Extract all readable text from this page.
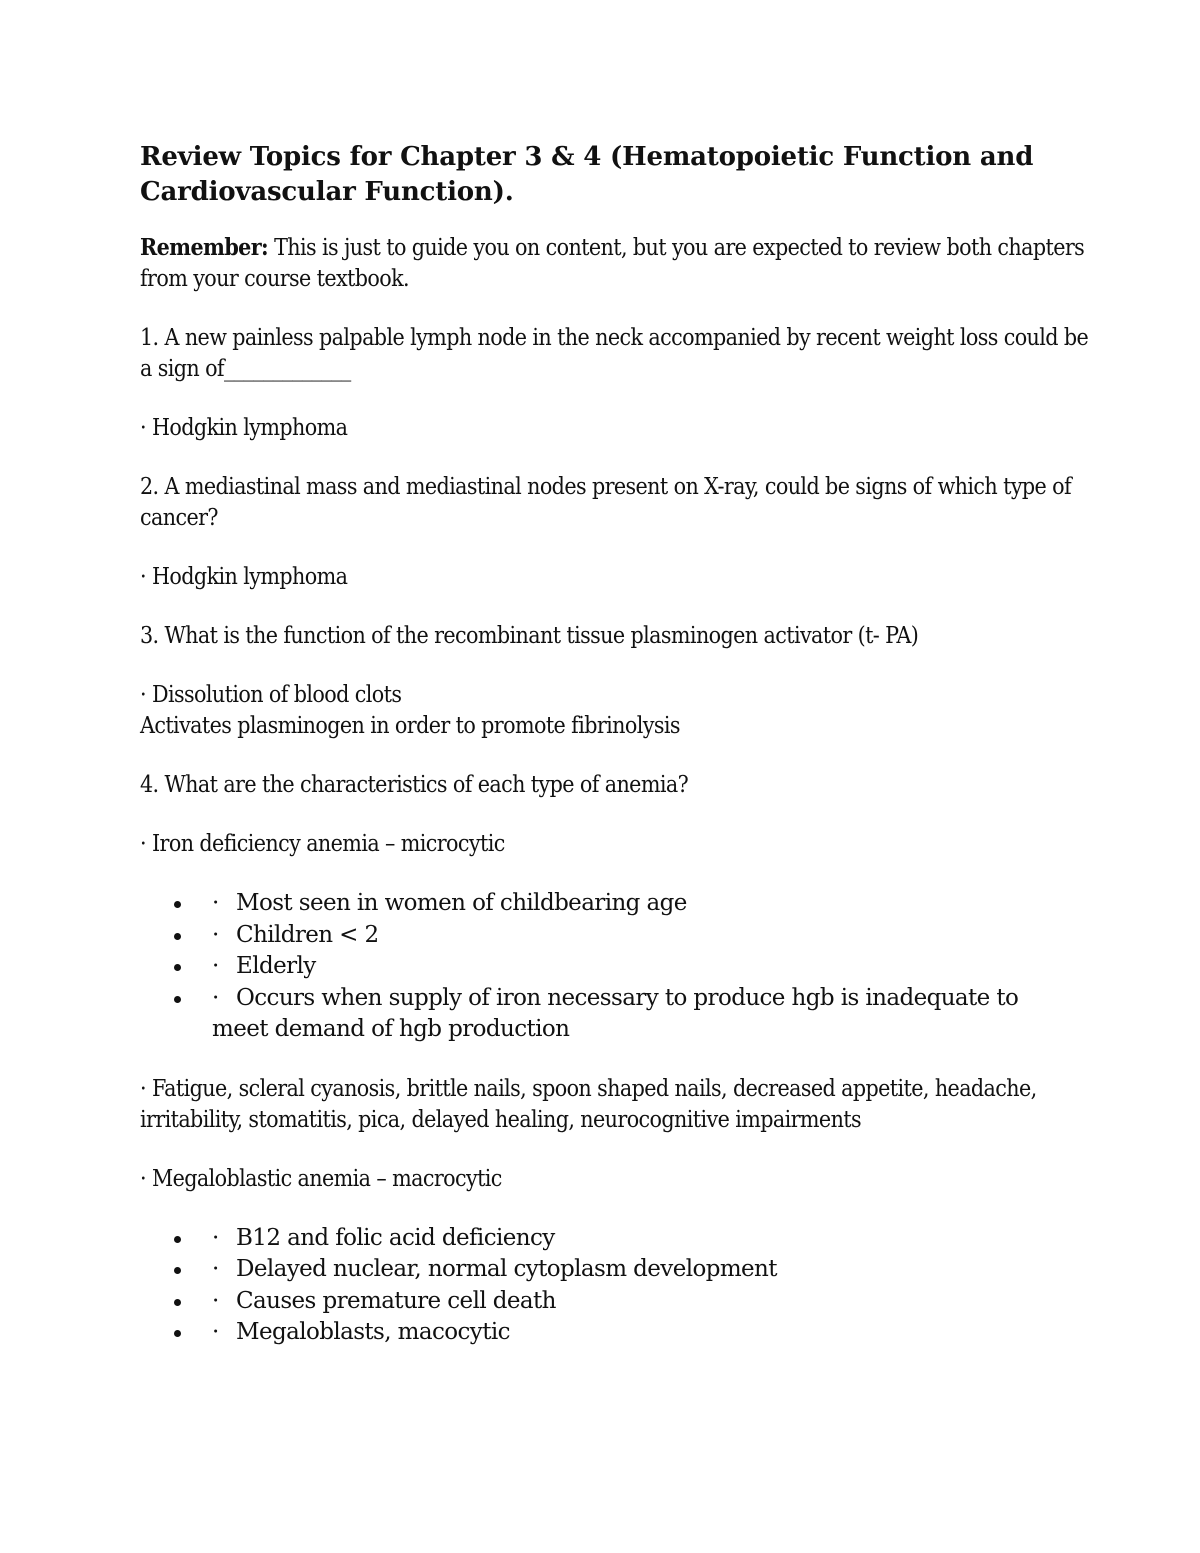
Review Topics for Chapter 3 & 4 (Hematopoietic Function and Cardiovascular Function).

Remember: This is just to guide you on content, but you are expected to review both chapters from your course textbook.

1. A new painless palpable lymph node in the neck accompanied by recent weight loss could be a sign of_____________

· Hodgkin lymphoma

2. A mediastinal mass and mediastinal nodes present on X-ray, could be signs of which type of cancer?

· Hodgkin lymphoma

3. What is the function of the recombinant tissue plasminogen activator (t- PA)

· Dissolution of blood clots

Activates plasminogen in order to promote fibrinolysis

4. What are the characteristics of each type of anemia?

· Iron deficiency anemia – microcytic

· Most seen in women of childbearing age
· Children < 2
· Elderly
· Occurs when supply of iron necessary to produce hgb is inadequate to
meet demand of hgb production

· Fatigue, scleral cyanosis, brittle nails, spoon shaped nails, decreased appetite, headache, irritability, stomatitis, pica, delayed healing, neurocognitive impairments

· Megaloblastic anemia – macrocytic

· B12 and folic acid deficiency
· Delayed nuclear, normal cytoplasm development
· Causes premature cell death
· Megaloblasts, macocytic
